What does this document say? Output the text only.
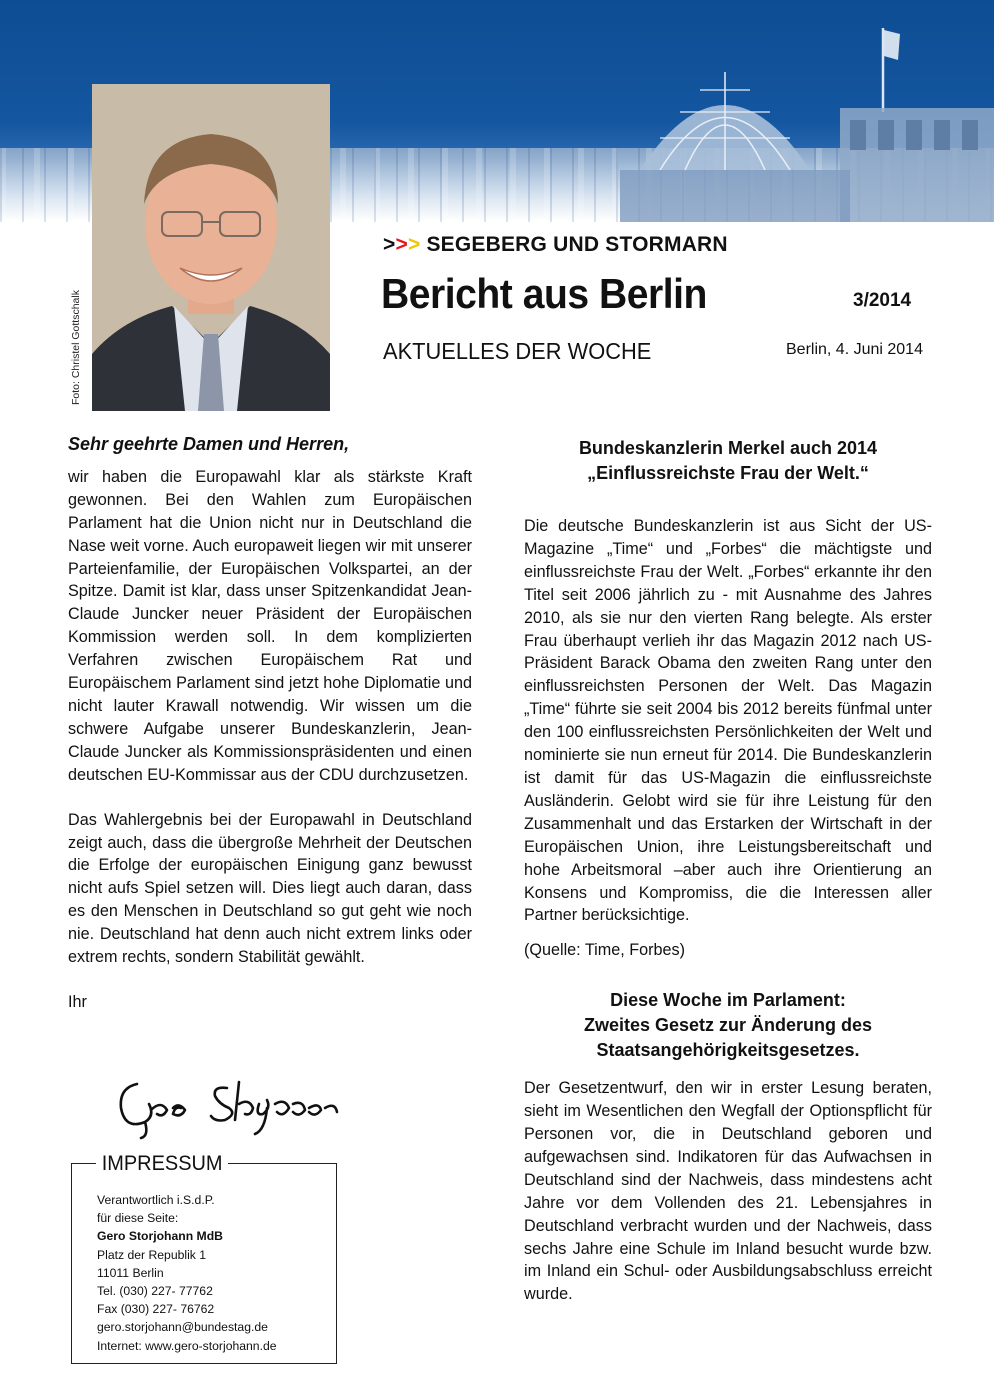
Foto: Christel Gottschalk
>>> SEGEBERG UND STORMARN
Bericht aus Berlin	3/2014
AKTUELLES DER WOCHE	Berlin, 4. Juni 2014
Sehr geehrte Damen und Herren,

wir haben die Europawahl klar als stärkste Kraft gewonnen. Bei den Wahlen zum Europäischen Parlament hat die Union nicht nur in Deutschland die Nase weit vorne. Auch europaweit liegen wir mit unserer Parteienfamilie, der Europäischen Volkspartei, an der Spitze. Damit ist klar, dass unser Spitzenkandidat Jean-Claude Juncker neuer Präsident der Europäischen Kommission werden soll. In dem komplizierten Verfahren zwischen Europäischem Rat und Europäischem Parlament sind jetzt hohe Diplomatie und nicht lauter Krawall notwendig. Wir wissen um die schwere Aufgabe unserer Bundeskanzlerin, Jean-Claude Juncker als Kommissionspräsidenten und einen deutschen EU-Kommissar aus der CDU durchzusetzen.

Das Wahlergebnis bei der Europawahl in Deutschland zeigt auch, dass die übergroße Mehrheit der Deutschen die Erfolge der europäischen Einigung ganz bewusst nicht aufs Spiel setzen will. Dies liegt auch daran, dass es den Menschen in Deutschland so gut geht wie noch nie. Deutschland hat denn auch nicht extrem links oder extrem rechts, sondern Stabilität gewählt.

Ihr
IMPRESSUM
Verantwortlich i.S.d.P.
für diese Seite:
Gero Storjohann MdB
Platz der Republik 1
11011 Berlin
Tel. (030) 227- 77762
Fax (030) 227- 76762
gero.storjohann@bundestag.de
Internet: www.gero-storjohann.de
Bundeskanzlerin Merkel auch 2014
„Einflussreichste Frau der Welt.“

Die deutsche Bundeskanzlerin ist aus Sicht der US-Magazine „Time“ und „Forbes“ die mächtigste und einflussreichste Frau der Welt. „Forbes“ erkannte ihr den Titel seit 2006 jährlich zu - mit Ausnahme des Jahres 2010, als sie nur den vierten Rang belegte. Als erster Frau überhaupt verlieh ihr das Magazin 2012 nach US-Präsident Barack Obama den zweiten Rang unter den einflussreichsten Personen der Welt. Das Magazin „Time“ führte sie seit 2004 bis 2012 bereits fünfmal unter den 100 einflussreichsten Persönlichkeiten der Welt und nominierte sie nun erneut für 2014. Die Bundeskanzlerin ist damit für das US-Magazin die einflussreichste Ausländerin. Gelobt wird sie für ihre Leistung für den Zusammenhalt und das Erstarken der Wirtschaft in der Europäischen Union, ihre Leistungsbereitschaft und hohe Arbeitsmoral –aber auch ihre Orientierung an Konsens und Kompromiss, die die Interessen aller Partner berücksichtige.

(Quelle: Time, Forbes)

Diese Woche im Parlament:
Zweites Gesetz zur Änderung des
Staatsangehörigkeitsgesetzes.

Der Gesetzentwurf, den wir in erster Lesung beraten, sieht im Wesentlichen den Wegfall der Optionspflicht für Personen vor, die in Deutschland geboren und aufgewachsen sind. Indikatoren für das Aufwachsen in Deutschland sind der Nachweis, dass mindestens acht Jahre vor dem Vollenden des 21. Lebensjahres in Deutschland verbracht wurden und der Nachweis, dass sechs Jahre eine Schule im Inland besucht wurde bzw. im Inland ein Schul- oder Ausbildungsabschluss erreicht wurde.
